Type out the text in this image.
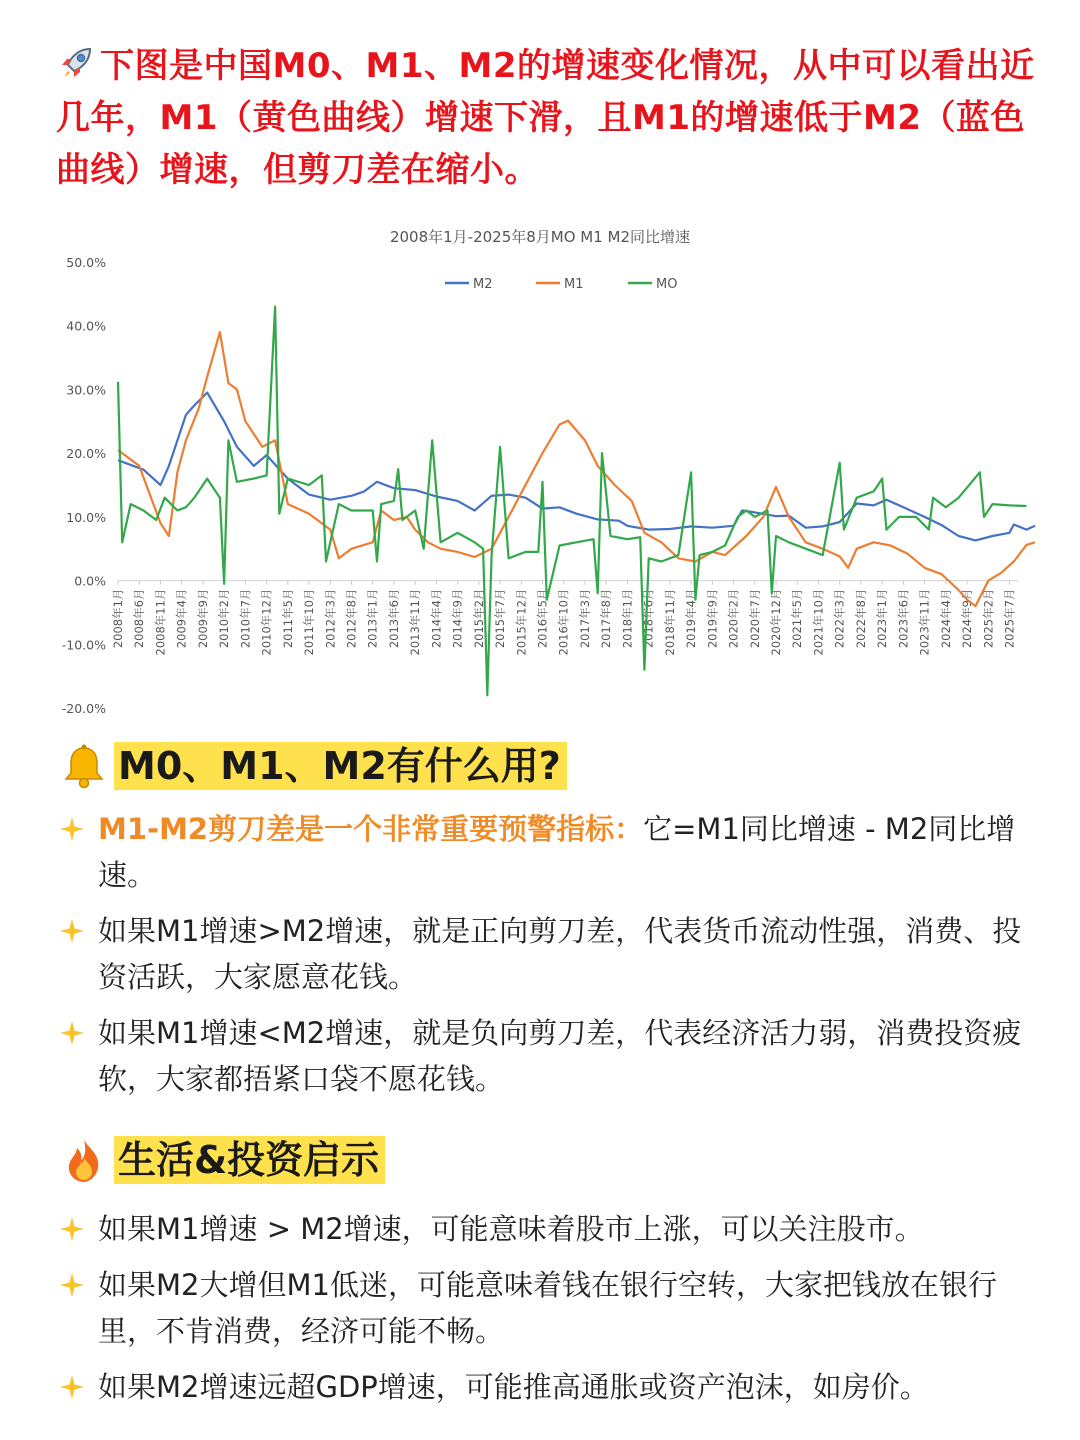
下图是中国M0、M1、M2的增速变化情况，从中可以看出近几年，M1（黄色曲线）增速下滑，且M1的增速低于M2（蓝色曲线）增速，但剪刀差在缩小。
2008年1月-2025年8月MO M1 M2同比增速
M2	M1	MO
50.0%
40.0%
30.0%
20.0%
10.0%
0.0%
-10.0%
-20.0%
2008年1月 2008年6月 2008年11月 2009年4月 2009年9月 2010年2月 2010年7月 2010年12月 2011年5月 2011年10月 2012年3月 2012年8月 2013年1月 2013年6月 2013年11月 2014年4月 2014年9月 2015年2月 2015年7月 2015年12月 2016年5月 2016年10月 2017年3月 2017年8月 2018年1月 2018年6月 2018年11月 2019年4月 2019年9月 2020年2月 2020年7月 2020年12月 2021年5月 2021年10月 2022年3月 2022年8月 2023年1月 2023年6月 2023年11月 2024年4月 2024年9月 2025年2月 2025年7月
M0、M1、M2有什么用?
M1-M2剪刀差是一个非常重要预警指标：它=M1同比增速 - M2同比增速。
如果M1增速>M2增速，就是正向剪刀差，代表货币流动性强，消费、投资活跃，大家愿意花钱。
如果M1增速<M2增速，就是负向剪刀差，代表经济活力弱，消费投资疲软，大家都捂紧口袋不愿花钱。
生活&投资启示
如果M1增速 > M2增速，可能意味着股市上涨，可以关注股市。
如果M2大增但M1低迷，可能意味着钱在银行空转，大家把钱放在银行里，不肯消费，经济可能不畅。
如果M2增速远超GDP增速，可能推高通胀或资产泡沫，如房价。
